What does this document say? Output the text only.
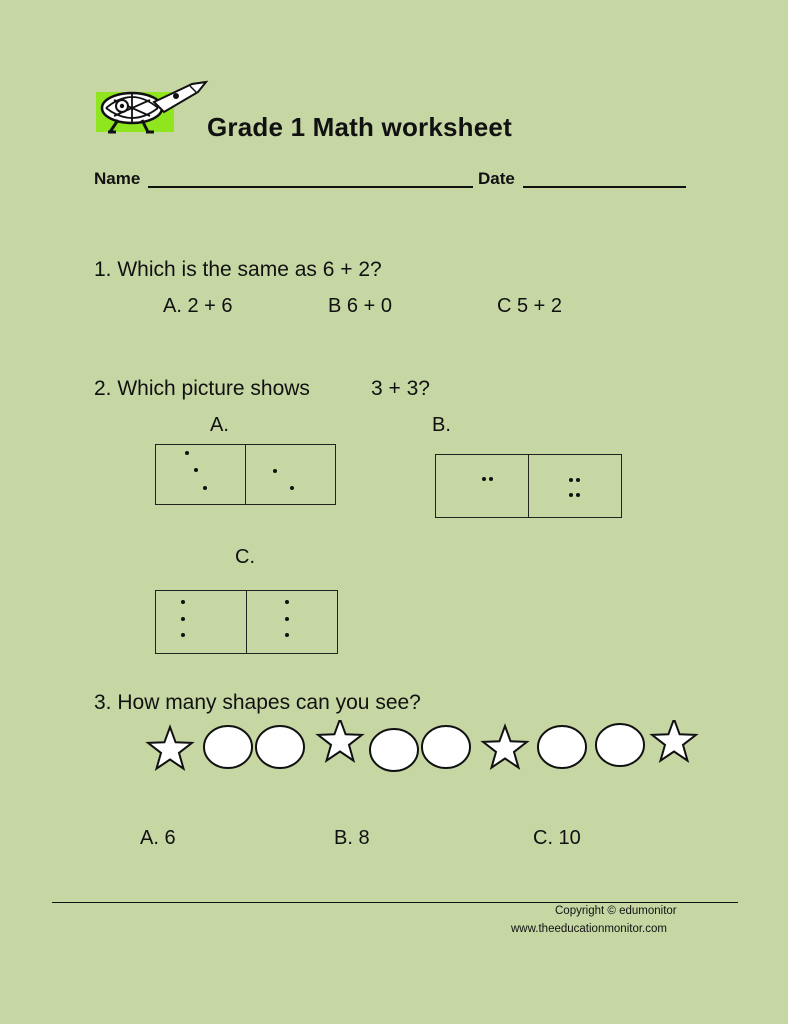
Grade 1 Math worksheet
Name	Date
1. Which is the same as 6 + 2?
A. 2 + 6	B 6 + 0	C 5 + 2
2. Which picture shows	3 + 3?
A.	B.
C.
3. How many shapes can you see?
A. 6	B. 8	C. 10
Copyright © edumonitor
www.theeducationmonitor.com
